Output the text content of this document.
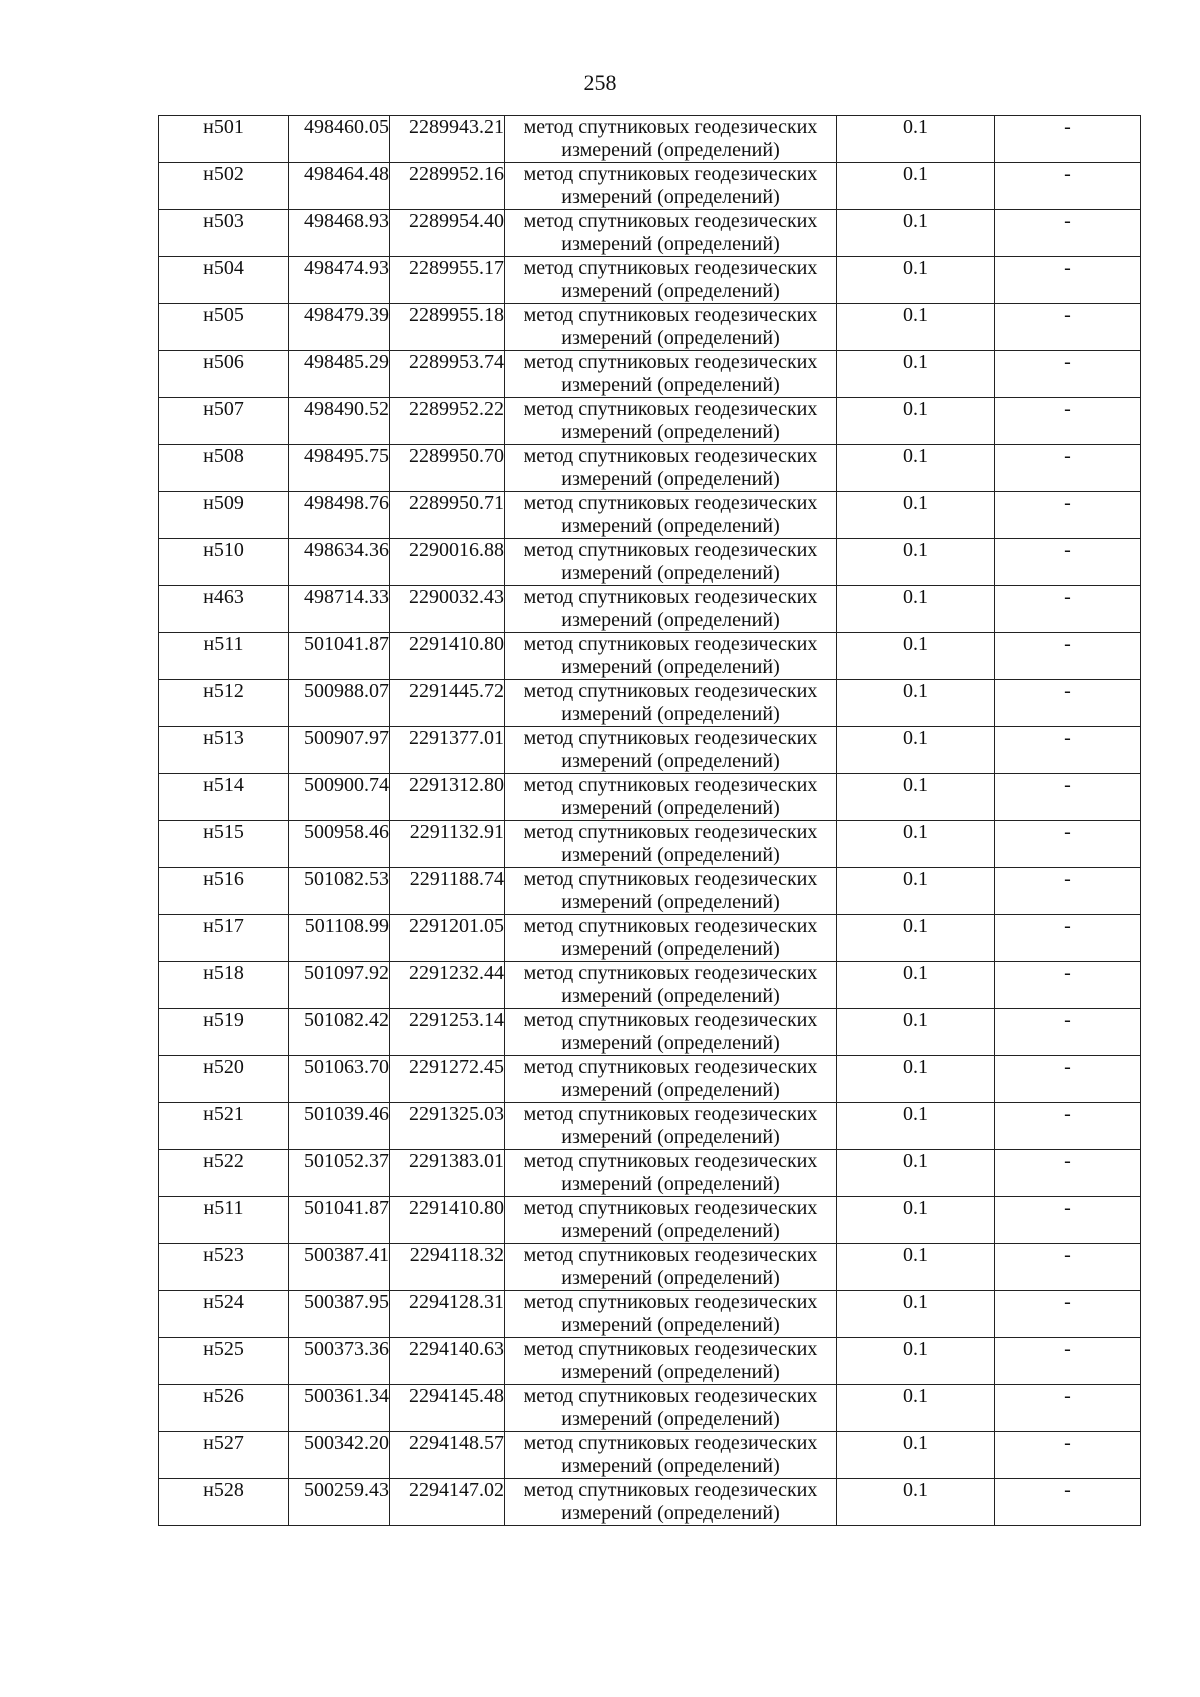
258
н501	498460.05	2289943.21	метод спутниковых геодезических измерений (определений)	0.1	-
н502	498464.48	2289952.16	метод спутниковых геодезических измерений (определений)	0.1	-
н503	498468.93	2289954.40	метод спутниковых геодезических измерений (определений)	0.1	-
н504	498474.93	2289955.17	метод спутниковых геодезических измерений (определений)	0.1	-
н505	498479.39	2289955.18	метод спутниковых геодезических измерений (определений)	0.1	-
н506	498485.29	2289953.74	метод спутниковых геодезических измерений (определений)	0.1	-
н507	498490.52	2289952.22	метод спутниковых геодезических измерений (определений)	0.1	-
н508	498495.75	2289950.70	метод спутниковых геодезических измерений (определений)	0.1	-
н509	498498.76	2289950.71	метод спутниковых геодезических измерений (определений)	0.1	-
н510	498634.36	2290016.88	метод спутниковых геодезических измерений (определений)	0.1	-
н463	498714.33	2290032.43	метод спутниковых геодезических измерений (определений)	0.1	-
н511	501041.87	2291410.80	метод спутниковых геодезических измерений (определений)	0.1	-
н512	500988.07	2291445.72	метод спутниковых геодезических измерений (определений)	0.1	-
н513	500907.97	2291377.01	метод спутниковых геодезических измерений (определений)	0.1	-
н514	500900.74	2291312.80	метод спутниковых геодезических измерений (определений)	0.1	-
н515	500958.46	2291132.91	метод спутниковых геодезических измерений (определений)	0.1	-
н516	501082.53	2291188.74	метод спутниковых геодезических измерений (определений)	0.1	-
н517	501108.99	2291201.05	метод спутниковых геодезических измерений (определений)	0.1	-
н518	501097.92	2291232.44	метод спутниковых геодезических измерений (определений)	0.1	-
н519	501082.42	2291253.14	метод спутниковых геодезических измерений (определений)	0.1	-
н520	501063.70	2291272.45	метод спутниковых геодезических измерений (определений)	0.1	-
н521	501039.46	2291325.03	метод спутниковых геодезических измерений (определений)	0.1	-
н522	501052.37	2291383.01	метод спутниковых геодезических измерений (определений)	0.1	-
н511	501041.87	2291410.80	метод спутниковых геодезических измерений (определений)	0.1	-
н523	500387.41	2294118.32	метод спутниковых геодезических измерений (определений)	0.1	-
н524	500387.95	2294128.31	метод спутниковых геодезических измерений (определений)	0.1	-
н525	500373.36	2294140.63	метод спутниковых геодезических измерений (определений)	0.1	-
н526	500361.34	2294145.48	метод спутниковых геодезических измерений (определений)	0.1	-
н527	500342.20	2294148.57	метод спутниковых геодезических измерений (определений)	0.1	-
н528	500259.43	2294147.02	метод спутниковых геодезических измерений (определений)	0.1	-
